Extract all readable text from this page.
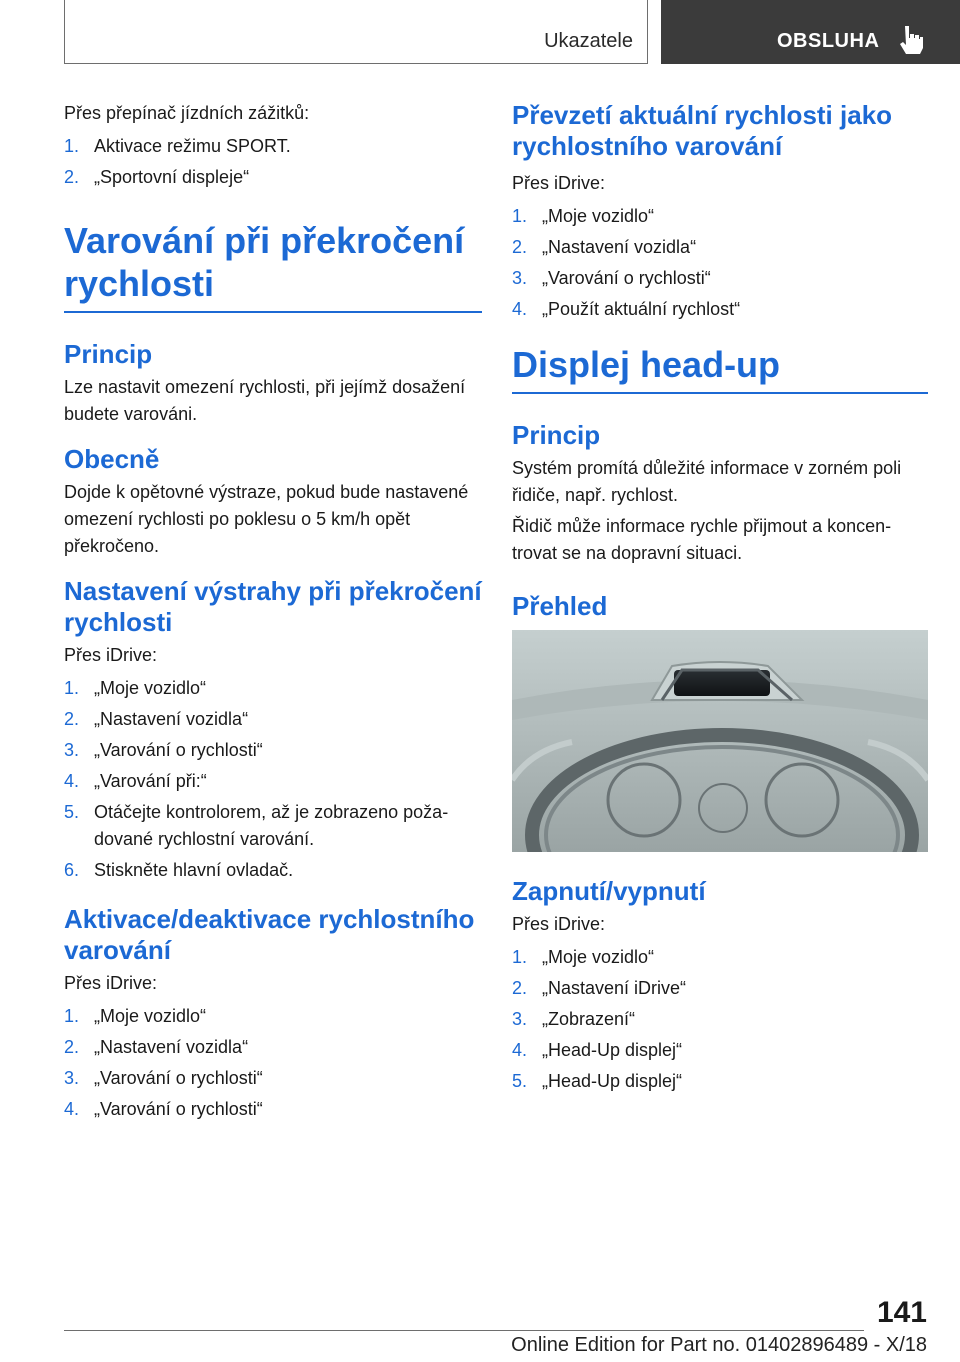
Ukazatele	OBSLUHA

Přes přepínač jízdních zážitků:

1. Aktivace režimu SPORT.
2. „Sportovní displeje“
Varování při překročení rychlosti
Princip

Lze nastavit omezení rychlosti, při jejímž dosažení budete varováni.

Obecně

Dojde k opětovné výstraze, pokud bude nastavené omezení rychlosti po poklesu o 5 km/h opět překročeno.

Nastavení výstrahy při překročení rychlosti

Přes iDrive:

1. „Moje vozidlo“
2. „Nastavení vozidla“
3. „Varování o rychlosti“
4. „Varování při:“
5. Otáčejte kontrolorem, až je zobrazeno požadované rychlostní varování.
6. Stiskněte hlavní ovladač.
Aktivace/deaktivace rychlostního varování

Přes iDrive:

1. „Moje vozidlo“
2. „Nastavení vozidla“
3. „Varování o rychlosti“
4. „Varování o rychlosti“
Převzetí aktuální rychlosti jako rychlostního varování

Přes iDrive:

1. „Moje vozidlo“
2. „Nastavení vozidla“
3. „Varování o rychlosti“
4. „Použít aktuální rychlost“
Displej head-up
Princip

Systém promítá důležité informace v zorném poli řidiče, např. rychlost.

Řidič může informace rychle přijmout a koncentrovat se na dopravní situaci.

Přehled
Zapnutí/vypnutí

Přes iDrive:

1. „Moje vozidlo“
2. „Nastavení iDrive“
3. „Zobrazení“
4. „Head-Up displej“
5. „Head-Up displej“
141
Online Edition for Part no. 01402896489 - X/18
